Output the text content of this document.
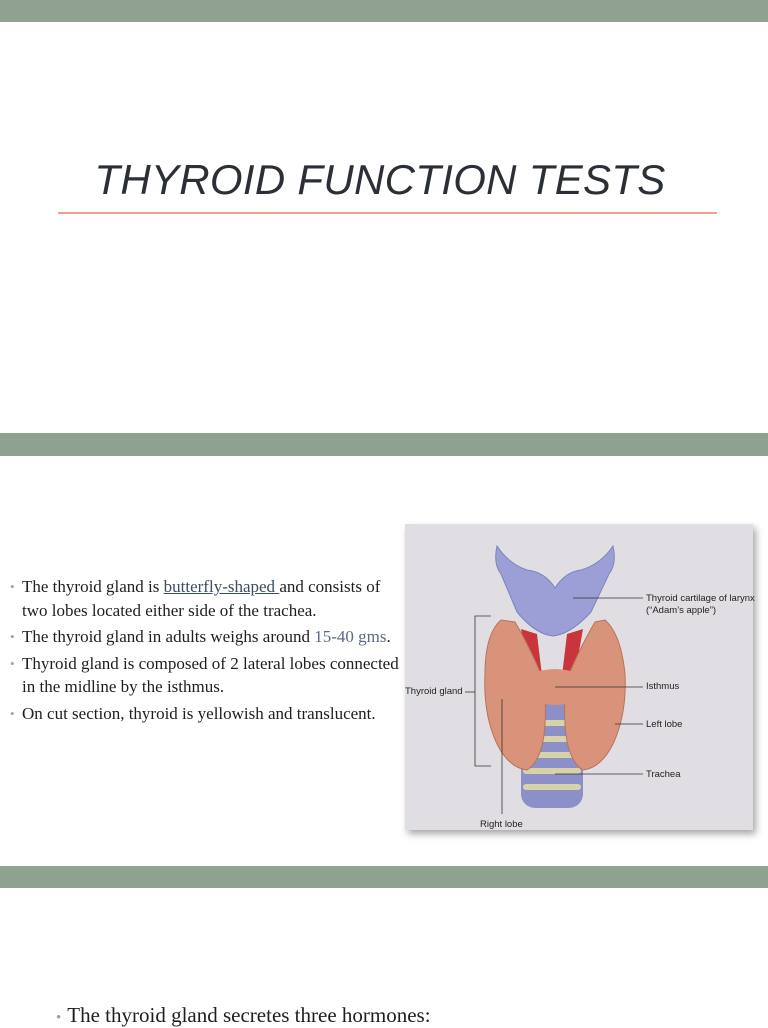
THYROID FUNCTION TESTS
• The thyroid gland is butterfly-shaped and consists of two lobes located either side of the trachea.
• The thyroid gland in adults weighs around 15-40 gms.
• Thyroid gland is composed of 2 lateral lobes connected in the midline by the isthmus.
• On cut section, thyroid is yellowish and translucent.
Thyroid cartilage of larynx
(“Adam’s apple”)
Thyroid gland	Isthmus
Left lobe
Trachea
Right lobe
• The thyroid gland secretes three hormones:
